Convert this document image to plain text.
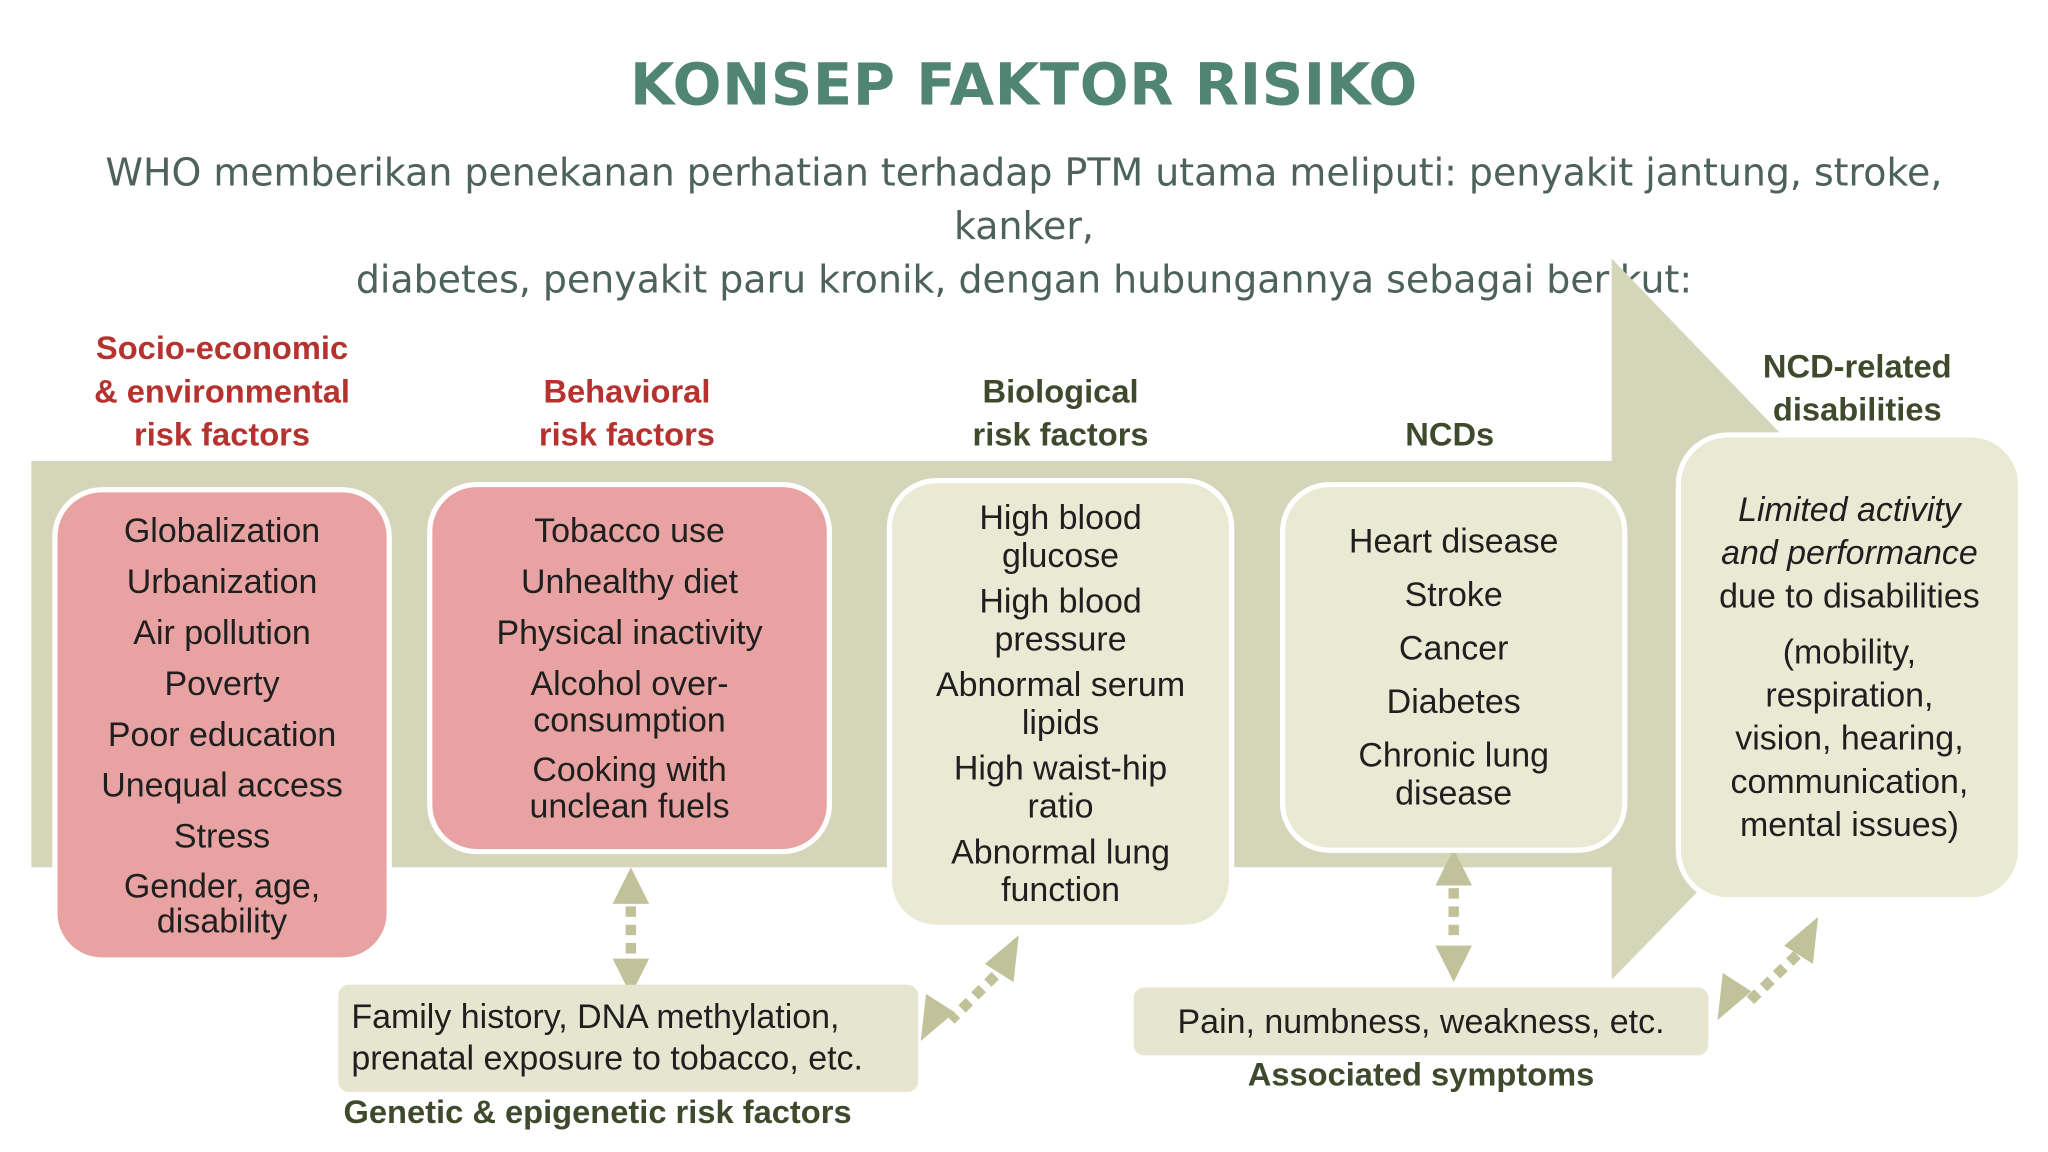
KONSEP FAKTOR RISIKO
WHO memberikan penekanan perhatian terhadap PTM utama meliputi: penyakit jantung, stroke, kanker,
diabetes, penyakit paru kronik, dengan hubungannya sebagai berikut:
Socio-economic
& environmental
risk factors
Behavioral
risk factors
Biological
risk factors	NCDs
NCD-related
disabilities
Globalization
Urbanization
Air pollution
Poverty
Poor education
Unequal access
Stress
Gender, age,
disability
Tobacco use
Unhealthy diet
Physical inactivity
Alcohol over-
consumption
Cooking with
unclean fuels
High blood
glucose
High blood
pressure
Abnormal serum
lipids
High waist-hip
ratio
Abnormal lung
function
Heart disease
Stroke
Cancer
Diabetes
Chronic lung
disease
Limited activity
and performance
due to disabilities
(mobility,
respiration,
vision, hearing,
communication,
mental issues)
Family history, DNA methylation,
prenatal exposure to tobacco, etc.
Genetic & epigenetic risk factors
Pain, numbness, weakness, etc.
Associated symptoms
